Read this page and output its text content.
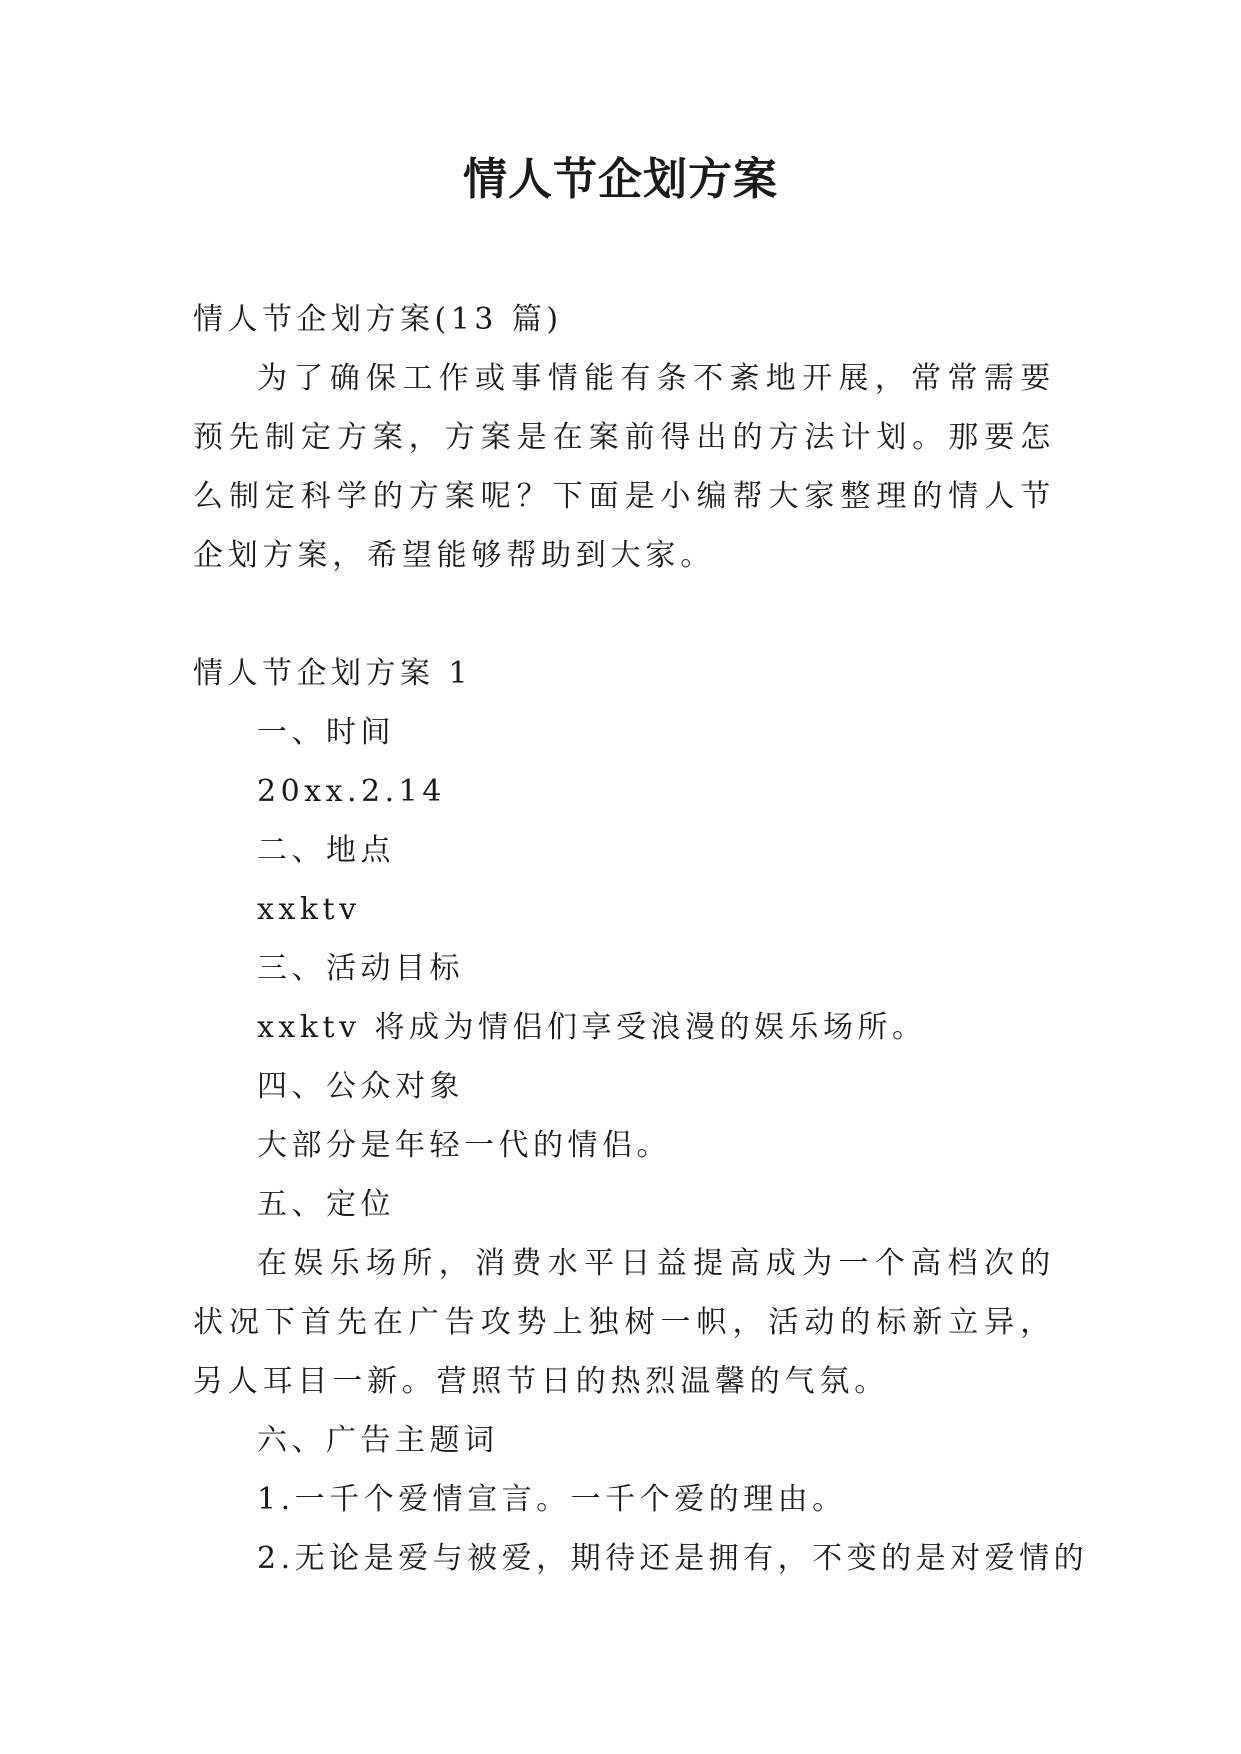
情人节企划方案
情人节企划方案(13 篇)
为了确保工作或事情能有条不紊地开展，常常需要预先制定方案，方案是在案前得出的方法计划。那要怎么制定科学的方案呢？下面是小编帮大家整理的情人节企划方案，希望能够帮助到大家。
情人节企划方案 1
一、时间
20xx.2.14
二、地点
xxktv
三、活动目标
xxktv 将成为情侣们享受浪漫的娱乐场所。
四、公众对象
大部分是年轻一代的情侣。
五、定位
在娱乐场所，消费水平日益提高成为一个高档次的状况下首先在广告攻势上独树一帜，活动的标新立异，另人耳目一新。营照节日的热烈温馨的气氛。
六、广告主题词
1.一千个爱情宣言。一千个爱的理由。
2.无论是爱与被爱，期待还是拥有，不变的是对爱情的
